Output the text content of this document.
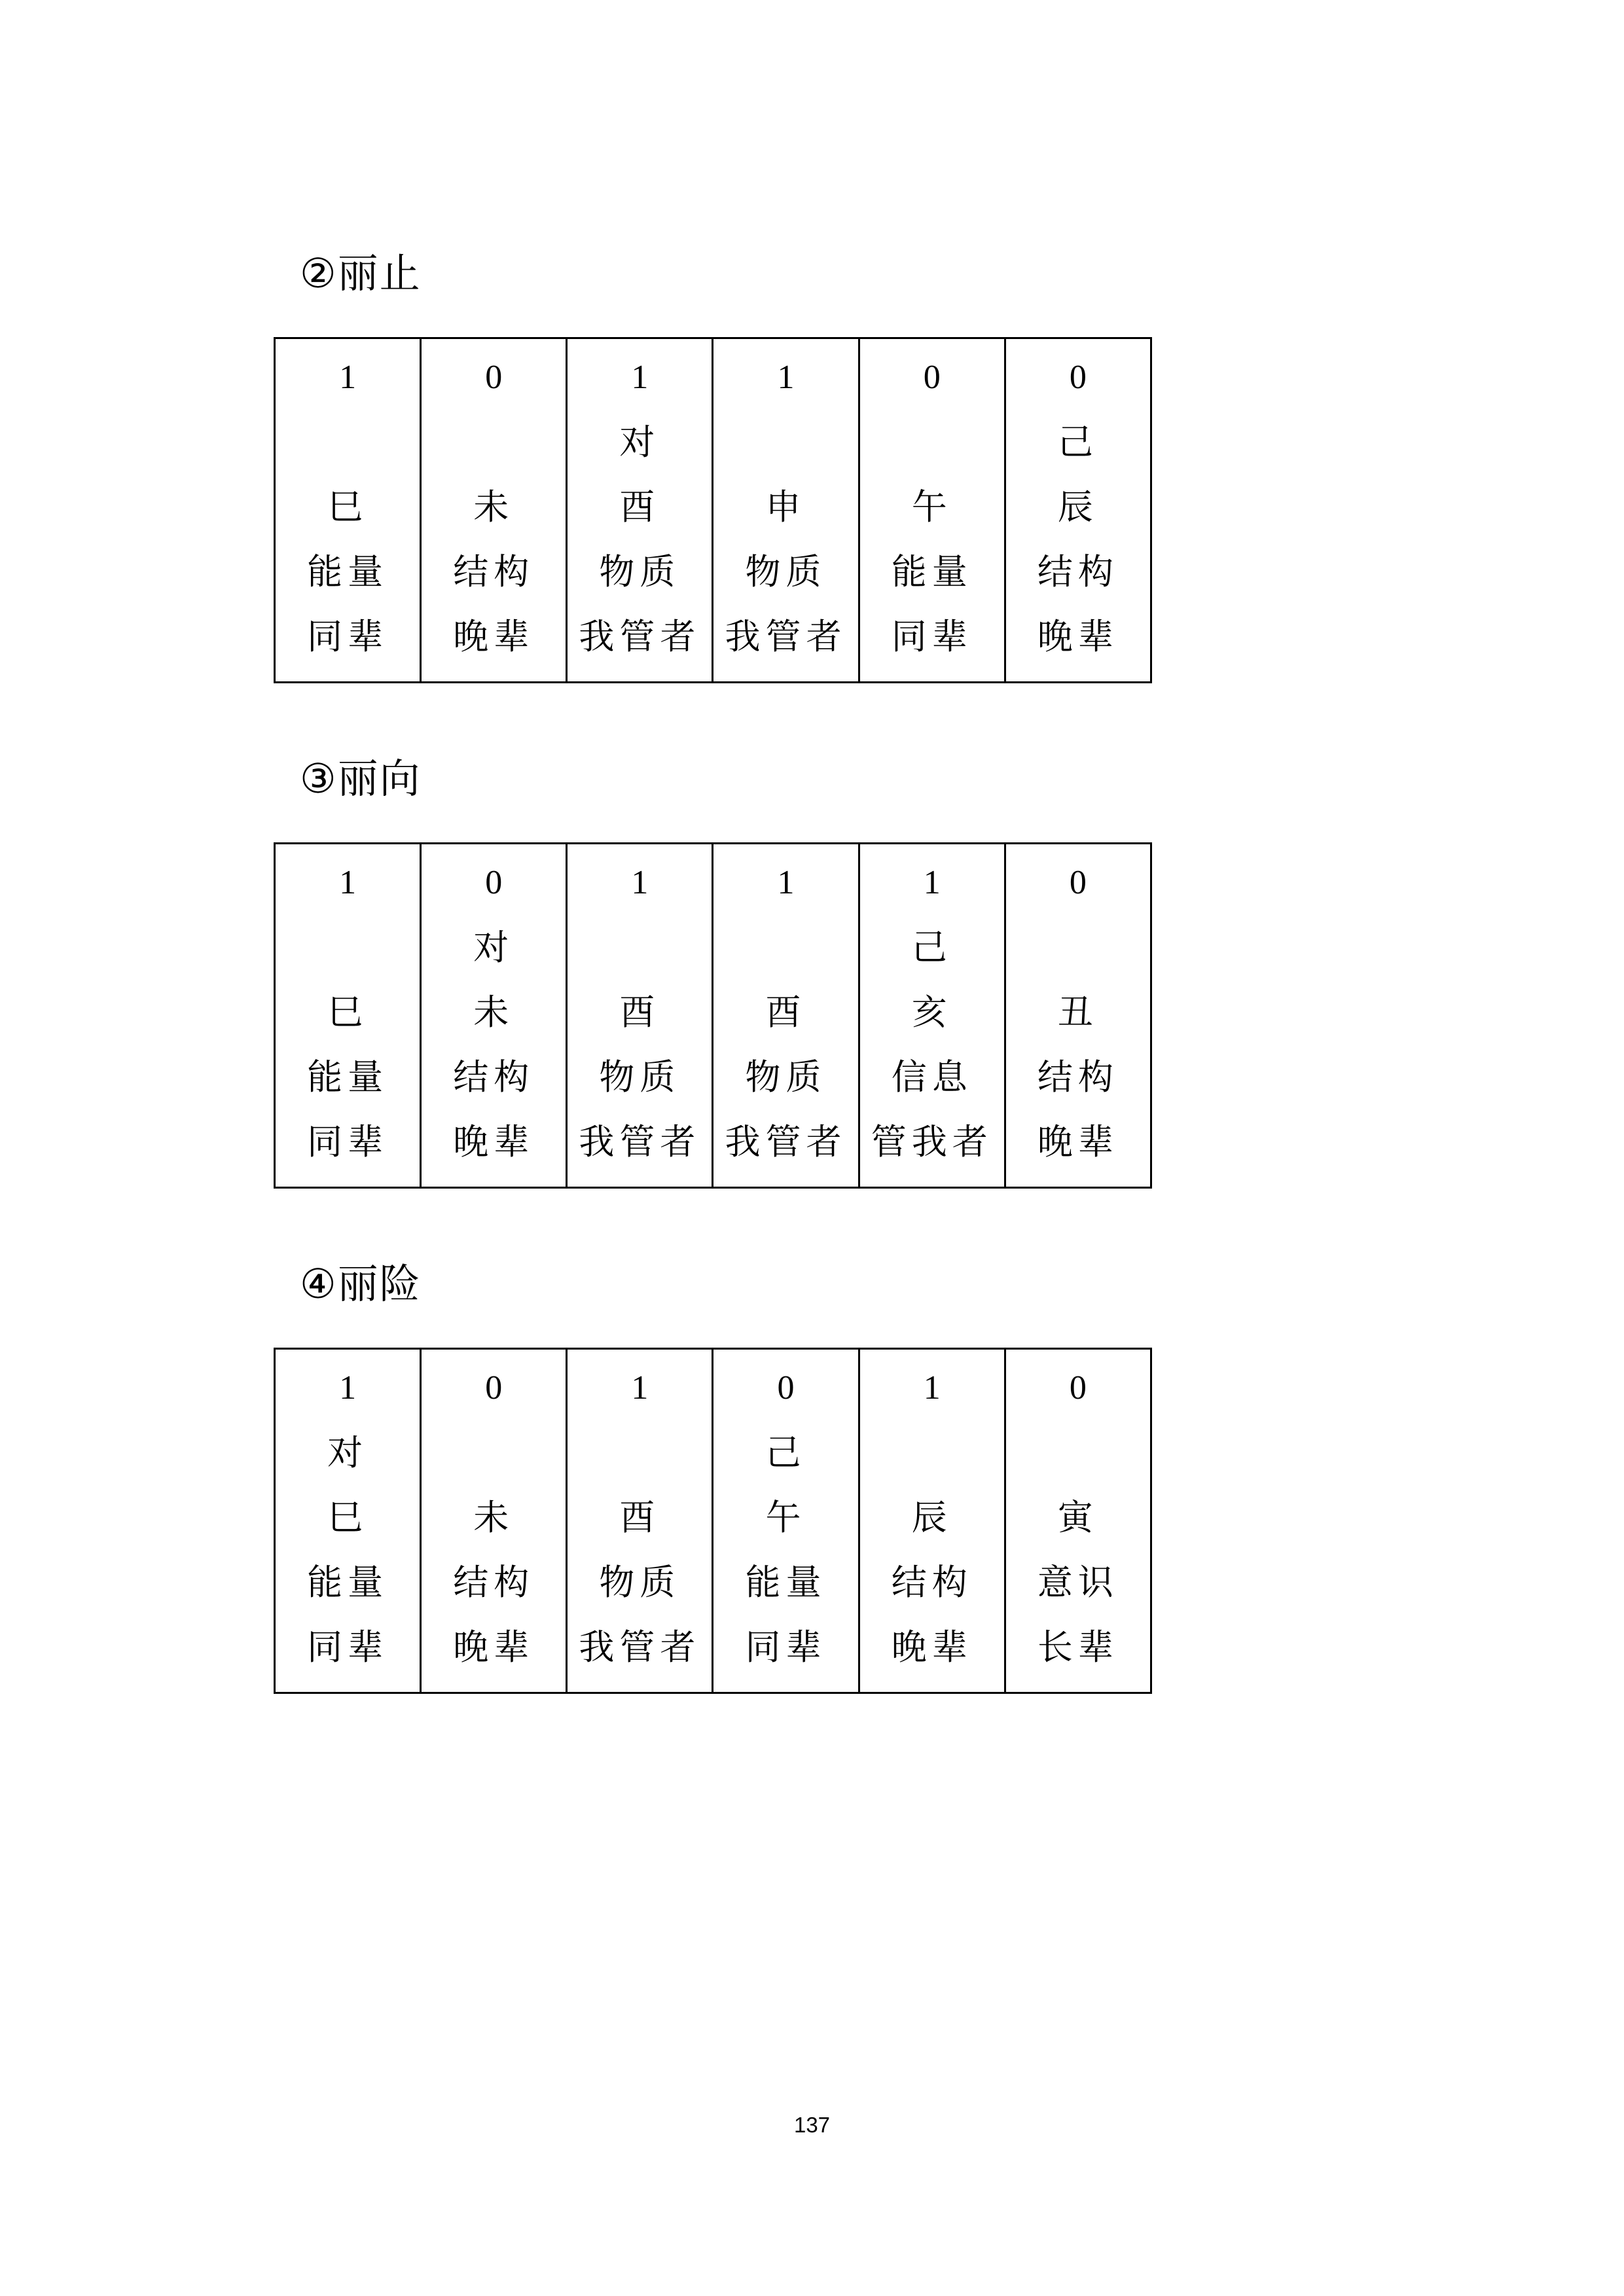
②丽止
1
巳
能量
同辈

0
未
结构
晚辈

1
对
酉
物质
我管者

1
申
物质
我管者

0
午
能量
同辈

0
己
辰
结构
晚辈
③丽向
1
巳
能量
同辈

0
对
未
结构
晚辈

1
酉
物质
我管者

1
酉
物质
我管者

1
己
亥
信息
管我者

0
丑
结构
晚辈
④丽险
1
对
巳
能量
同辈

0
未
结构
晚辈

1
酉
物质
我管者

0
己
午
能量
同辈

1
辰
结构
晚辈

0
寅
意识
长辈

137
